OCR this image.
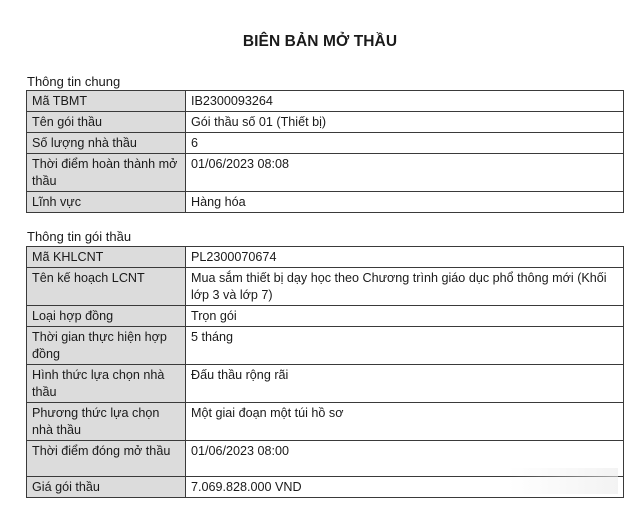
BIÊN BẢN MỞ THẦU
Thông tin chung
Mã TBMT	IB2300093264
Tên gói thầu	Gói thầu số 01 (Thiết bị)
Số lượng nhà thầu	6
Thời điểm hoàn thành mở thầu	01/06/2023 08:08
Lĩnh vực	Hàng hóa
Thông tin gói thầu
Mã KHLCNT	PL2300070674
Tên kế hoạch LCNT	Mua sắm thiết bị dạy học theo Chương trình giáo dục phổ thông mới (Khối lớp 3 và lớp 7)
Loại hợp đồng	Trọn gói
Thời gian thực hiện hợp đồng	5 tháng
Hình thức lựa chọn nhà thầu	Đấu thầu rộng rãi
Phương thức lựa chọn nhà thầu	Một giai đoạn một túi hồ sơ
Thời điểm đóng mở thầu	01/06/2023 08:00
Giá gói thầu	7.069.828.000 VND
